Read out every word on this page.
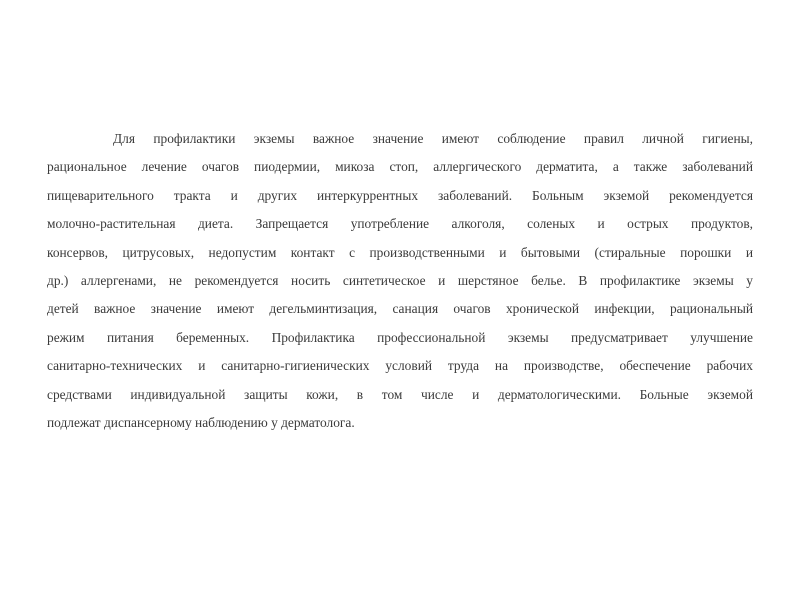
Для профилактики экземы важное значение имеют соблюдение правил личной гигиены,
рациональное лечение очагов пиодермии, микоза стоп, аллергического дерматита, а также заболеваний
пищеварительного тракта и других интеркуррентных заболеваний. Больным экземой рекомендуется
молочно-растительная диета. Запрещается употребление алкоголя, соленых и острых продуктов,
консервов, цитрусовых, недопустим контакт с производственными и бытовыми (стиральные порошки и
др.) аллергенами, не рекомендуется носить синтетическое и шерстяное белье. В профилактике экземы у
детей важное значение имеют дегельминтизация, санация очагов хронической инфекции, рациональный
режим питания беременных. Профилактика профессиональной экземы предусматривает улучшение
санитарно-технических и санитарно-гигиенических условий труда на производстве, обеспечение рабочих
средствами индивидуальной защиты кожи, в том числе и дерматологическими. Больные экземой
подлежат диспансерному наблюдению у дерматолога.
